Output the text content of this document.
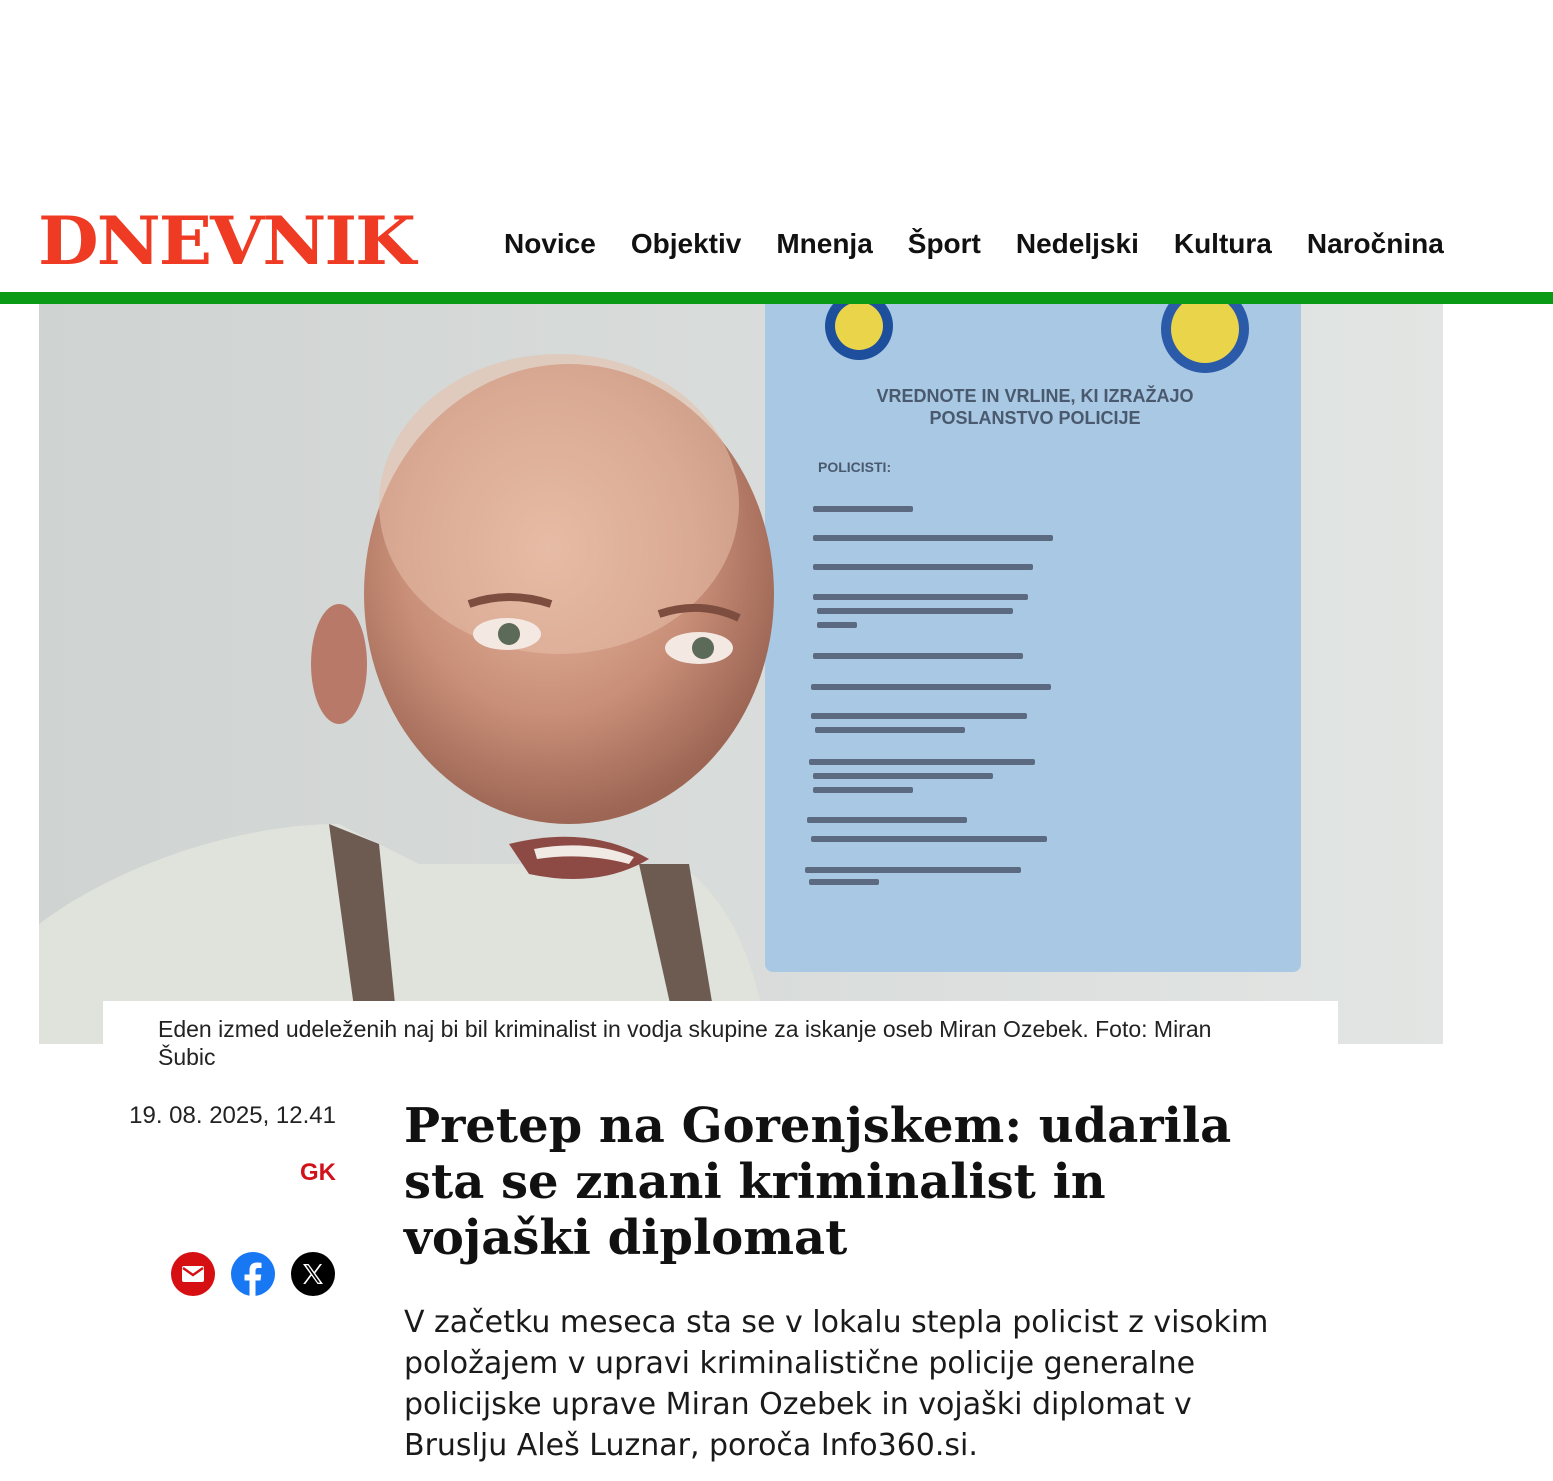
DNEVNIK	Novice Objektiv Mnenja Šport Nedeljski Kultura Naročnina
VREDNOTE IN VRLINE, KI IZRAŽAJO
POSLANSTVO POLICIJE
POLICISTI:

Eden izmed udeleženih naj bi bil kriminalist in vodja skupine za iskanje oseb Miran Ozebek. Foto: Miran Šubic

19. 08. 2025, 12.41
GK
Pretep na Gorenjskem: udarila sta se znani kriminalist in vojaški diplomat

V začetku meseca sta se v lokalu stepla policist z visokim položajem v upravi kriminalistične policije generalne policijske uprave Miran Ozebek in vojaški diplomat v Bruslju Aleš Luznar, poroča Info360.si.
